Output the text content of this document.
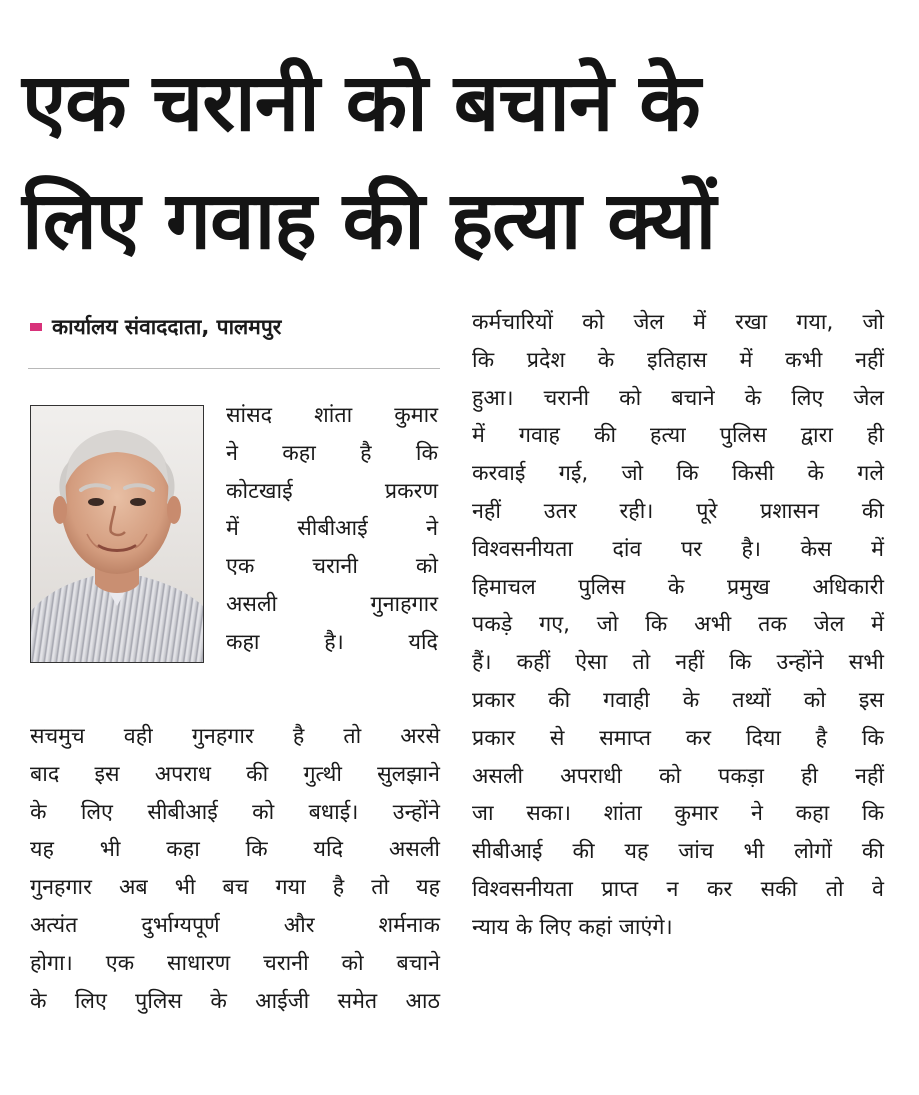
एक चरानी को बचाने के
लिए गवाह की हत्या क्यों
कार्यालय संवाददाता, पालमपुर
सांसद शांता कुमार
ने कहा है कि
कोटखाई	प्रकरण
में	सीबीआई	ने
एक	चरानी	को
असली	गुनाहगार
कहा	है।	यदि
सचमुच वही गुनहगार है तो अरसे
बाद इस अपराध की गुत्थी सुलझाने
के लिए सीबीआई को बधाई। उन्होंने
यह भी कहा कि यदि असली
गुनहगार अब भी बच गया है तो यह
अत्यंत	दुर्भाग्यपूर्ण	और	शर्मनाक
होगा। एक साधारण चरानी को बचाने
के लिए पुलिस के आईजी समेत आठ
कर्मचारियों को जेल में रखा गया, जो
कि प्रदेश के इतिहास में कभी नहीं
हुआ। चरानी को बचाने के लिए जेल
में गवाह की हत्या पुलिस द्वारा ही
करवाई गई, जो कि किसी के गले
नहीं उतर रही। पूरे प्रशासन की
विश्वसनीयता दांव पर है। केस में
हिमाचल पुलिस के प्रमुख अधिकारी
पकड़े गए, जो कि अभी तक जेल में
हैं। कहीं ऐसा तो नहीं कि उन्होंने सभी
प्रकार की गवाही के तथ्यों को इस
प्रकार से समाप्त कर दिया है कि
असली अपराधी को पकड़ा ही नहीं
जा सका। शांता कुमार ने कहा कि
सीबीआई की यह जांच भी लोगों की
विश्वसनीयता प्राप्त न कर सकी तो वे
न्याय के लिए कहां जाएंगे।
